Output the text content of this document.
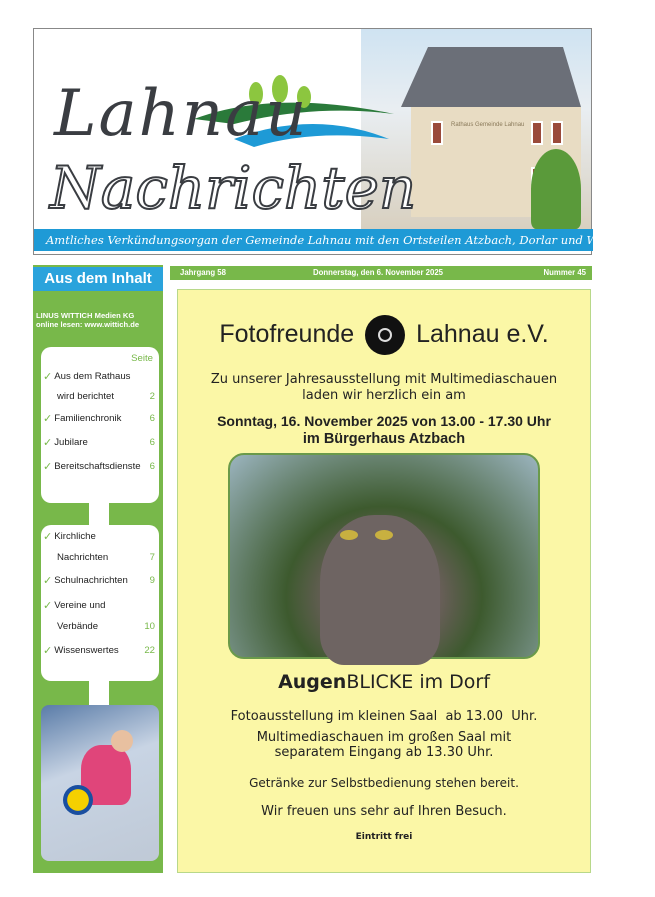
Rathaus Gemeinde Lahnau
Lahnau
Nachrichten
Amtliches Verkündungsorgan der Gemeinde Lahnau mit den Ortsteilen Atzbach, Dorlar und Waldgirmes
Aus dem Inhalt
LINUS WITTICH Medien KG
online lesen: www.wittich.de
Seite
✓ Aus dem Rathaus
wird berichtet	2
✓ Familienchronik	6
✓ Jubilare	6
✓ Bereitschaftsdienste 6
✓ Kirchliche
Nachrichten	7
✓ Schulnachrichten	9
✓ Vereine und
Verbände	10
✓ Wissenswertes	22
Jahrgang 58	Donnerstag, den 6. November 2025	Nummer 45
Fotofreunde Lahnau e.V.
Zu unserer Jahresausstellung mit Multimediaschauen
laden wir herzlich ein am
Sonntag, 16. November 2025 von 13.00 - 17.30 Uhr
im Bürgerhaus Atzbach
AugenBLICKE im Dorf
Fotoausstellung im kleinen Saal  ab 13.00  Uhr.
Multimediaschauen im großen Saal mit
separatem Eingang ab 13.30 Uhr.
Getränke zur Selbstbedienung stehen bereit.
Wir freuen uns sehr auf Ihren Besuch.
Eintritt frei
